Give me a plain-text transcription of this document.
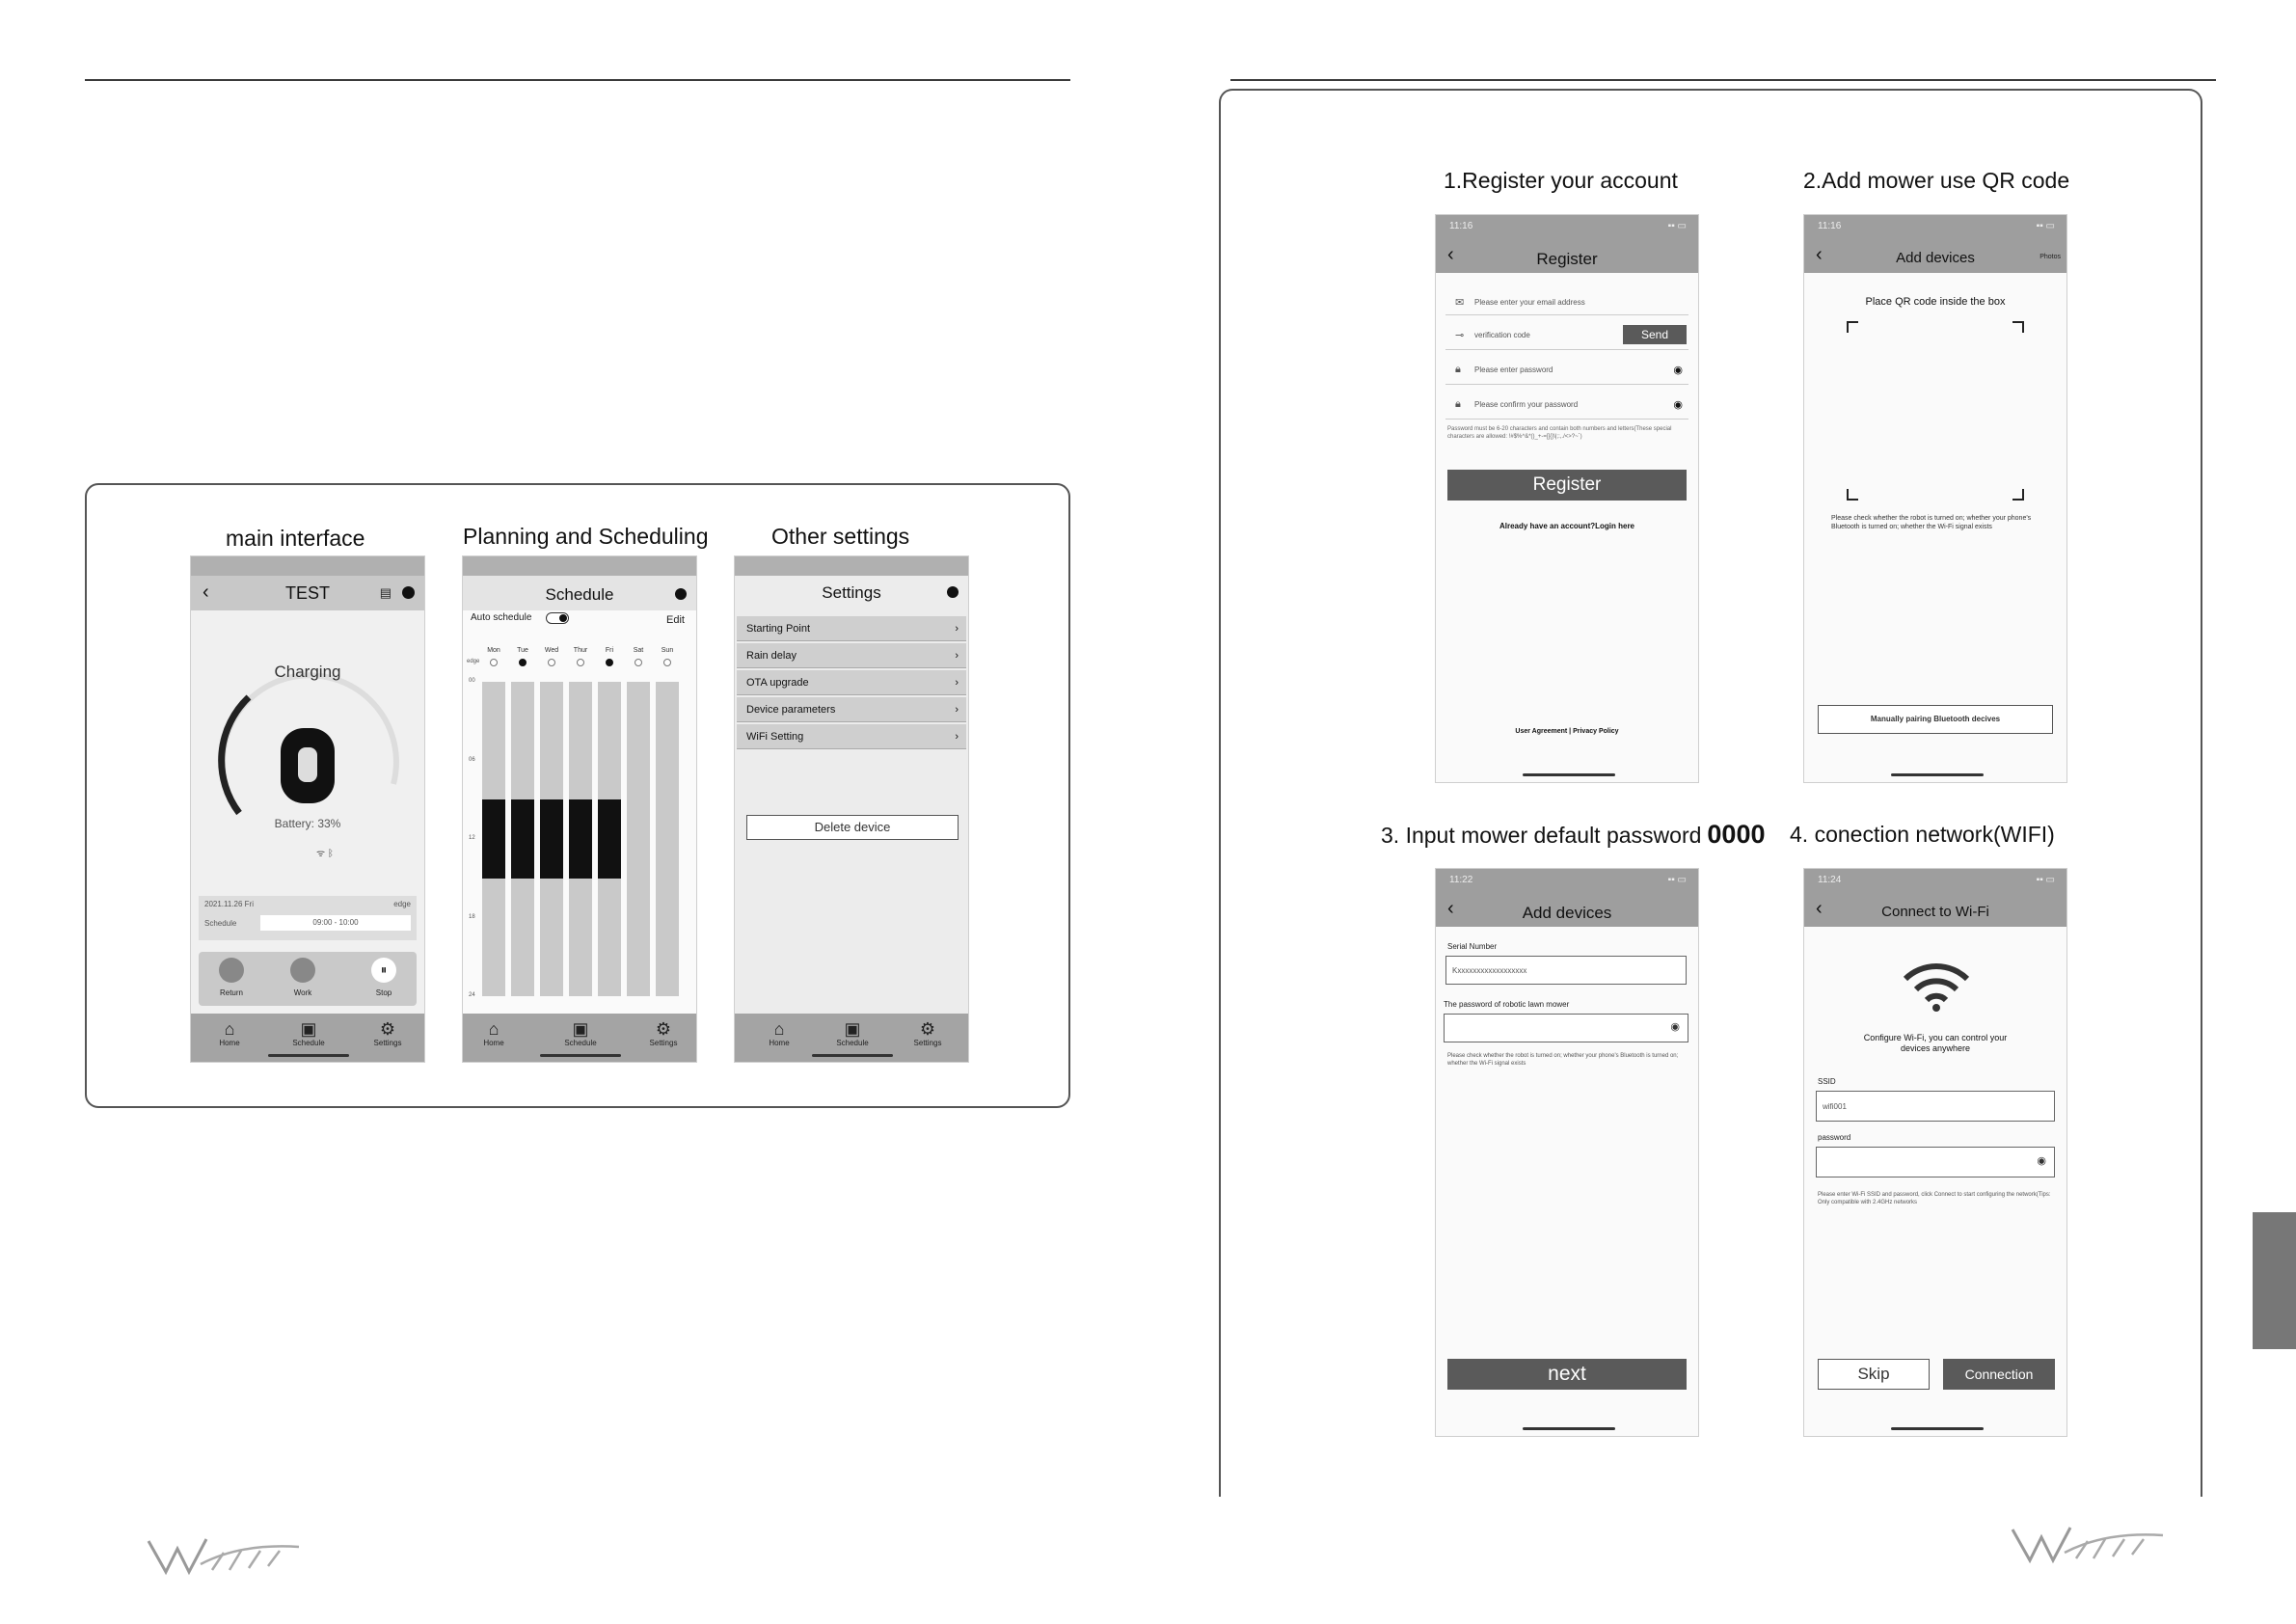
main interface	Planning and Scheduling	Other settings
‹	TEST	▤
Charging
Battery: 33%
ᯤ ᛒ
2021.11.26 Fri	edge
Schedule	09:00 - 10:00
Return	Work
⏸
Stop
⌂
Home
▣
Schedule
⚙
Settings
Schedule
Auto schedule	Edit
edge
Mon	Tue	Wed	Thur	Fri	Sat	Sun
00
06
12
18
24
⌂
Home
▣
Schedule
⚙
Settings
Settings
Starting Point	›
Rain delay	›
OTA upgrade	›
Device parameters	›
WiFi Setting	›
Delete device
⌂
Home
▣
Schedule
⚙
Settings
1.Register your account	2.Add mower use QR code
3. Input mower default password 0000 4. conection network(WIFI)
11:16	▪▪ ▭
‹	Register
✉ Please enter your email address
⊸ verification code	Send
🔒︎ Please enter password	◉
🔒︎ Please confirm your password	◉
Password must be 6-20 characters and contain both numbers and letters(These special characters are allowed: !#$%^&*()_+-=[]{}\|;:,./<>?~`)
Register
Already have an account?Login here
User Agreement | Privacy Policy
11:16	▪▪ ▭
‹	Add devices	Photos
Place QR code inside the box
Please check whether the robot is turned on; whether your phone's Bluetooth is turned on; whether the Wi-Fi signal exists
Manually pairing Bluetooth decives
11:22	▪▪ ▭
‹	Add devices
Serial Number
Kxxxxxxxxxxxxxxxxxx
The password of robotic lawn mower
◉
Please check whether the robot is turned on; whether your phone's Bluetooth is turned on; whether the Wi-Fi signal exists
next
11:24	▪▪ ▭
‹	Connect to Wi-Fi
Configure Wi-Fi, you can control your devices anywhere
SSID
wifi001
password
◉
Please enter Wi-Fi SSID and password, click Connect to start configuring the network(Tips: Only compatible with 2.4GHz networks
Skip	Connection
